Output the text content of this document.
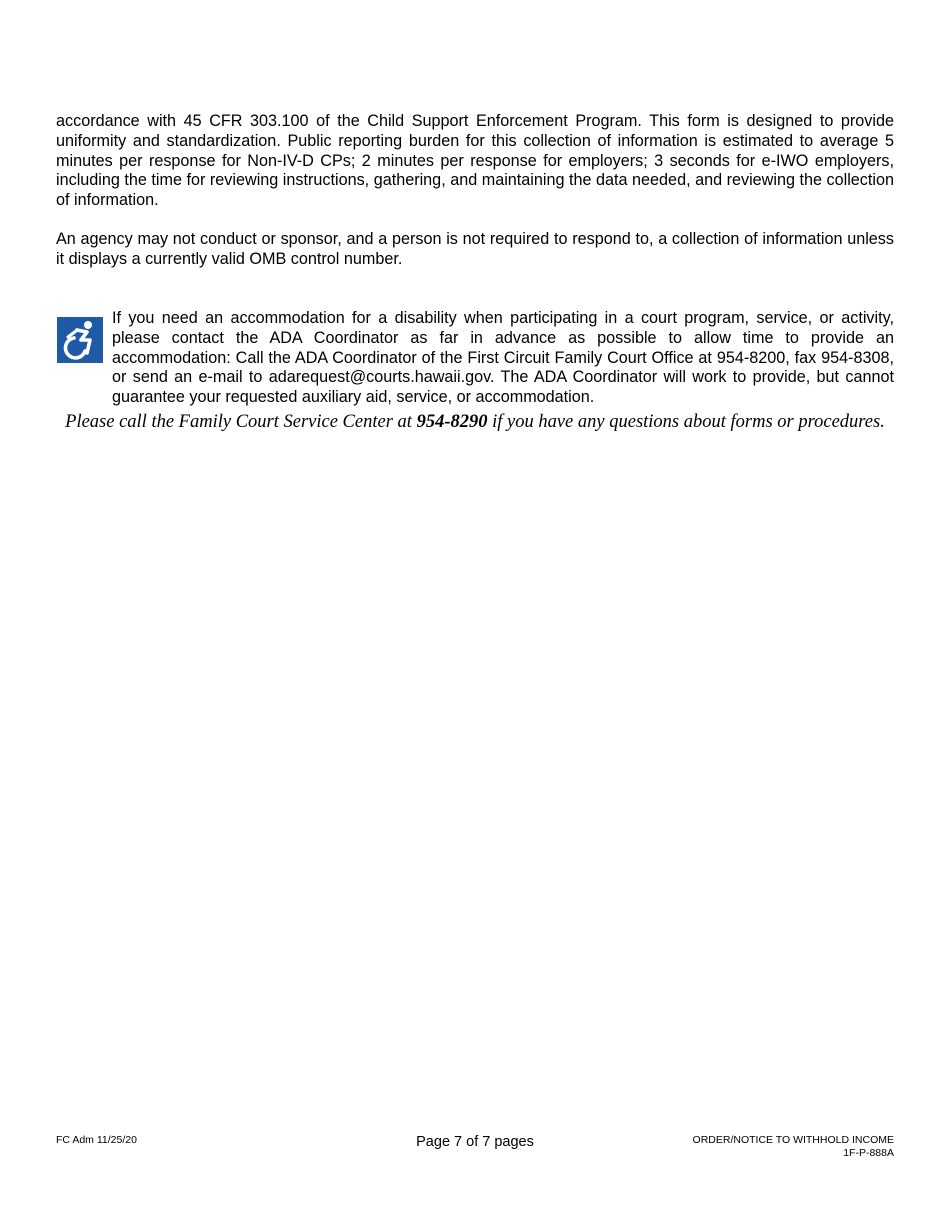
accordance with 45 CFR 303.100 of the Child Support Enforcement Program. This form is designed to provide uniformity and standardization. Public reporting burden for this collection of information is estimated to average 5 minutes per response for Non-IV-D CPs; 2 minutes per response for employers; 3 seconds for e-IWO employers, including the time for reviewing instructions, gathering, and maintaining the data needed, and reviewing the collection of information.

An agency may not conduct or sponsor, and a person is not required to respond to, a collection of information unless it displays a currently valid OMB control number.

If you need an accommodation for a disability when participating in a court program, service, or activity, please contact the ADA Coordinator as far in advance as possible to allow time to provide an accommodation: Call the ADA Coordinator of the First Circuit Family Court Office at 954-8200, fax 954-8308, or send an e-mail to adarequest@courts.hawaii.gov. The ADA Coordinator will work to provide, but cannot guarantee your requested auxiliary aid, service, or accommodation.

Please call the Family Court Service Center at 954-8290 if you have any questions about forms or procedures.

FC Adm 11/25/20	Page 7 of 7 pages	ORDER/NOTICE TO WITHHOLD INCOME
1F-P-888A
